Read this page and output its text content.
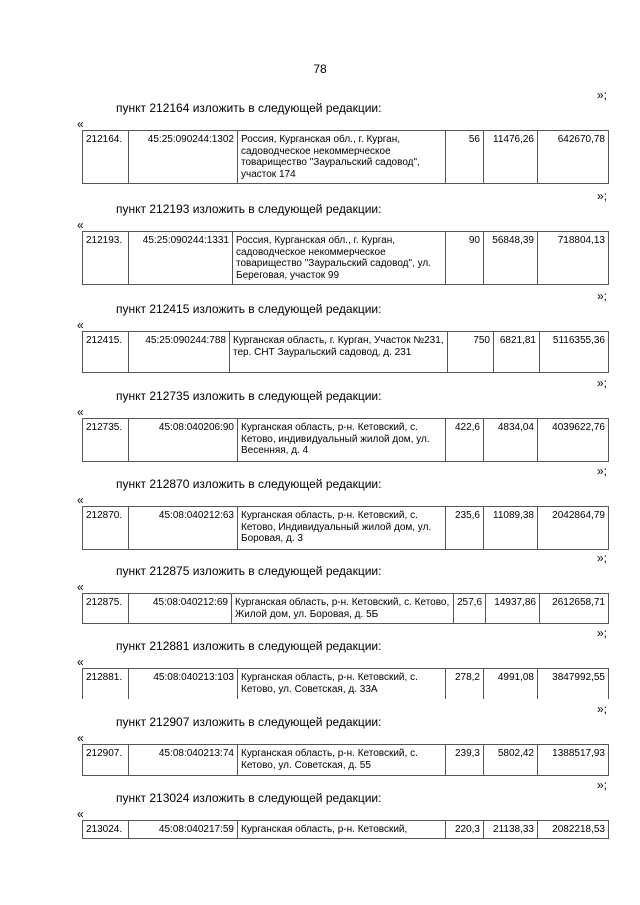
78
»;
пункт 212164 изложить в следующей редакции:
«
212164.	45:25:090244:1302	Россия, Курганская обл., г. Курган, садоводческое некоммерческое товарищество "Зауральский садовод", участок 174	56	11476,26	642670,78
»;
пункт 212193 изложить в следующей редакции:
«
212193.	45:25:090244:1331	Россия, Курганская обл., г. Курган, садоводческое некоммерческое товарищество "Зауральский садовод", ул. Береговая, участок 99	90	56848,39	718804,13
»;
пункт 212415 изложить в следующей редакции:
«
212415.	45:25:090244:788	Курганская область, г. Курган, Участок №231, тер. СНТ Зауральский садовод, д. 231	750	6821,81	5116355,36
»;
пункт 212735 изложить в следующей редакции:
«
212735.	45:08:040206:90	Курганская область, р-н. Кетовский, с. Кетово, индивидуальный жилой дом, ул. Весенняя, д. 4	422,6	4834,04	4039622,76
»;
пункт 212870 изложить в следующей редакции:
«
212870.	45:08:040212:63	Курганская область, р-н. Кетовский, с. Кетово, Индивидуальный жилой дом, ул. Боровая, д. 3	235,6	11089,38	2042864,79
»;
пункт 212875 изложить в следующей редакции:
«
212875.	45:08:040212:69	Курганская область, р-н. Кетовский, с. Кетово, Жилой дом, ул. Боровая, д. 5Б	257,6	14937,86	2612658,71
»;
пункт 212881 изложить в следующей редакции:
«
212881.	45:08:040213:103	Курганская область, р-н. Кетовский, с. Кетово, ул. Советская, д. 33А	278,2	4991,08	3847992,55
»;
пункт 212907 изложить в следующей редакции:
«
212907.	45:08:040213:74	Курганская область, р-н. Кетовский, с. Кетово, ул. Советская, д. 55	239,3	5802,42	1388517,93
»;
пункт 213024 изложить в следующей редакции:
«
213024.	45:08:040217:59	Курганская область, р-н. Кетовский,	220,3	21138,33	2082218,53
